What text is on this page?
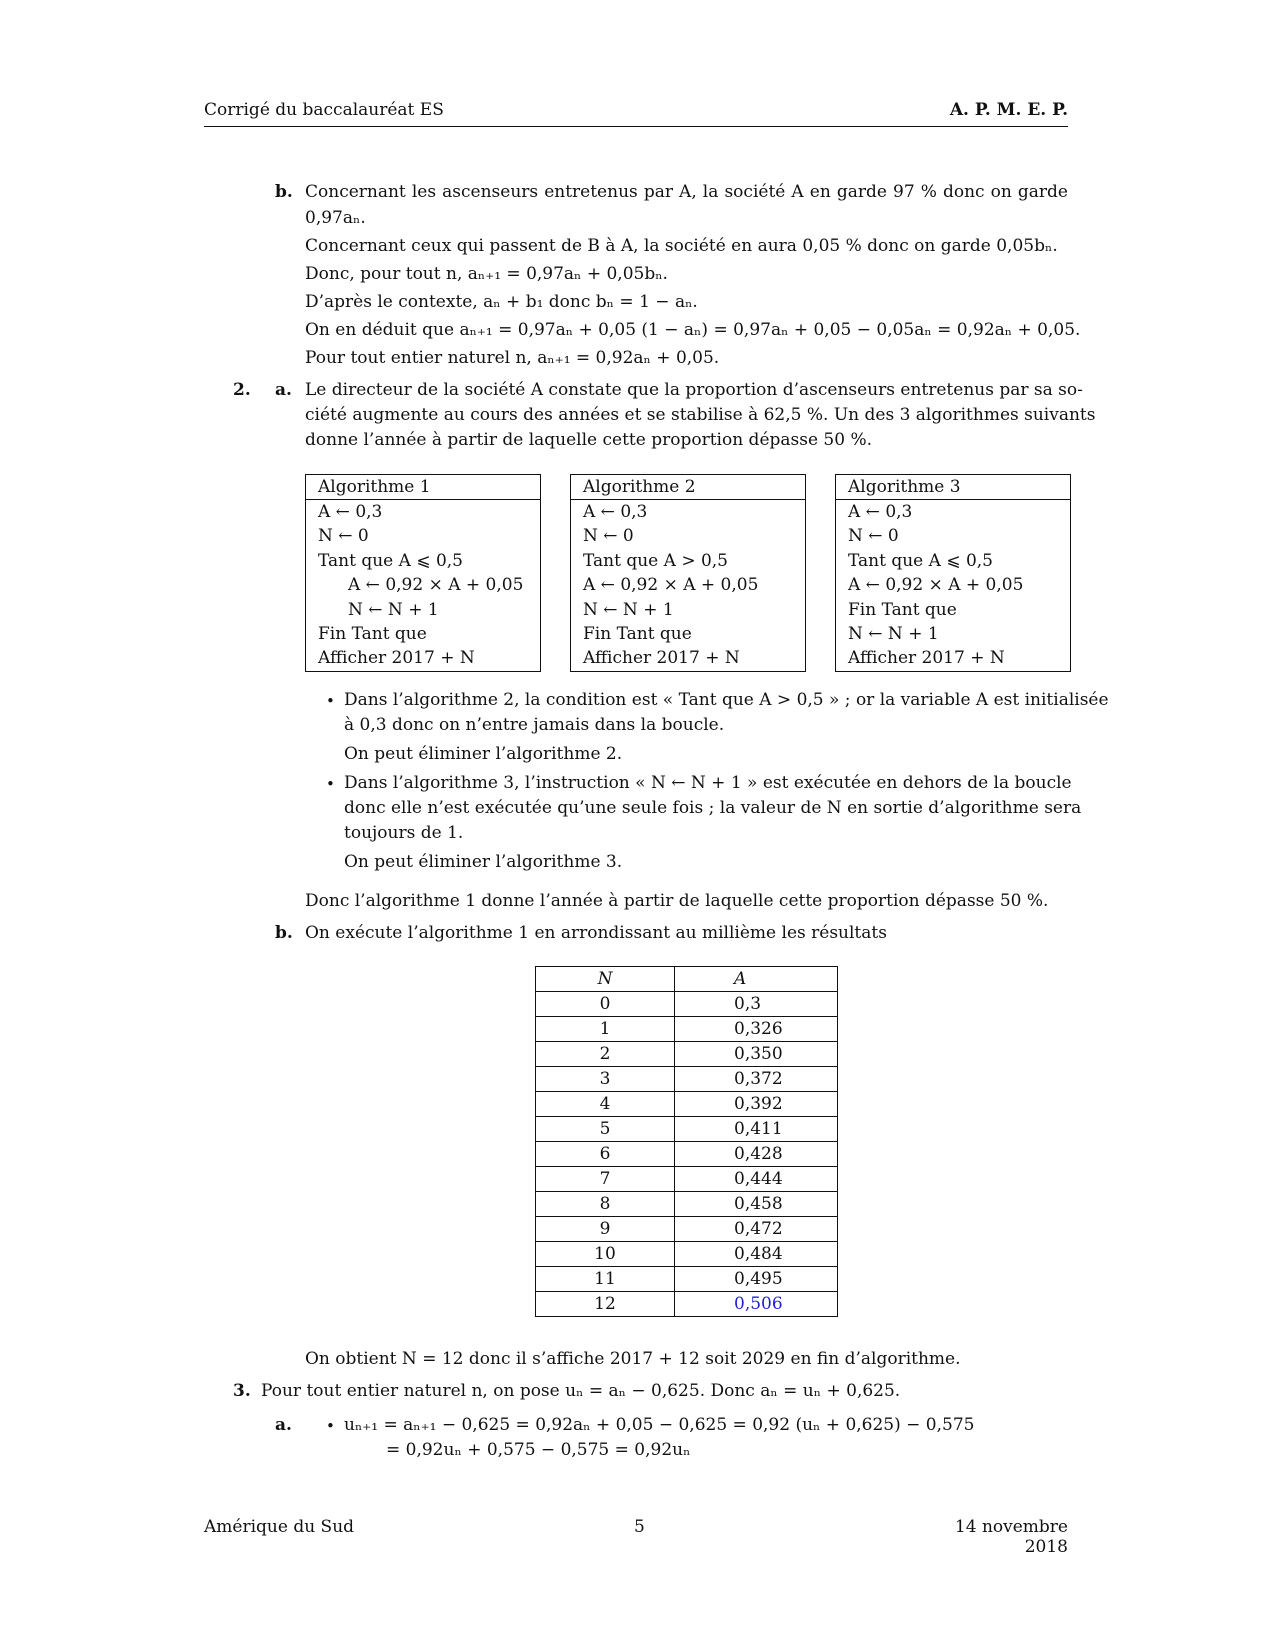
Corrigé du baccalauréat ES	A. P. M. E. P.
b. Concernant les ascenseurs entretenus par A, la société A en garde 97 % donc on garde
0,97aₙ.
Concernant ceux qui passent de B à A, la société en aura 0,05 % donc on garde 0,05bₙ.
Donc, pour tout n, aₙ₊₁ = 0,97aₙ + 0,05bₙ.
D’après le contexte, aₙ + b₁ donc bₙ = 1 − aₙ.
On en déduit que aₙ₊₁ = 0,97aₙ + 0,05 (1 − aₙ) = 0,97aₙ + 0,05 − 0,05aₙ = 0,92aₙ + 0,05.
Pour tout entier naturel n, aₙ₊₁ = 0,92aₙ + 0,05.
2. a. Le directeur de la société A constate que la proportion d’ascenseurs entretenus par sa so-
ciété augmente au cours des années et se stabilise à 62,5 %. Un des 3 algorithmes suivants
donne l’année à partir de laquelle cette proportion dépasse 50 %.
Algorithme 1
A ← 0,3
N ← 0
Tant que A ⩽ 0,5
A ← 0,92 × A + 0,05
N ← N + 1
Fin Tant que
Afficher 2017 + N
Algorithme 2
A ← 0,3
N ← 0
Tant que A > 0,5
A ← 0,92 × A + 0,05
N ← N + 1
Fin Tant que
Afficher 2017 + N
Algorithme 3
A ← 0,3
N ← 0
Tant que A ⩽ 0,5
A ← 0,92 × A + 0,05
Fin Tant que
N ← N + 1
Afficher 2017 + N
• Dans l’algorithme 2, la condition est « Tant que A > 0,5 » ; or la variable A est initialisée
à 0,3 donc on n’entre jamais dans la boucle.
On peut éliminer l’algorithme 2.
• Dans l’algorithme 3, l’instruction « N ← N + 1 » est exécutée en dehors de la boucle
donc elle n’est exécutée qu’une seule fois ; la valeur de N en sortie d’algorithme sera
toujours de 1.
On peut éliminer l’algorithme 3.
Donc l’algorithme 1 donne l’année à partir de laquelle cette proportion dépasse 50 %.
b. On exécute l’algorithme 1 en arrondissant au millième les résultats
N	A
0	0,3
1	0,326
2	0,350
3	0,372
4	0,392
5	0,411
6	0,428
7	0,444
8	0,458
9	0,472
10	0,484
11	0,495
12	0,506
On obtient N = 12 donc il s’affiche 2017 + 12 soit 2029 en fin d’algorithme.
3. Pour tout entier naturel n, on pose uₙ = aₙ − 0,625. Donc aₙ = uₙ + 0,625.
a. • uₙ₊₁ = aₙ₊₁ − 0,625 = 0,92aₙ + 0,05 − 0,625 = 0,92 (uₙ + 0,625) − 0,575
= 0,92uₙ + 0,575 − 0,575 = 0,92uₙ
Amérique du Sud	5	14 novembre 2018
